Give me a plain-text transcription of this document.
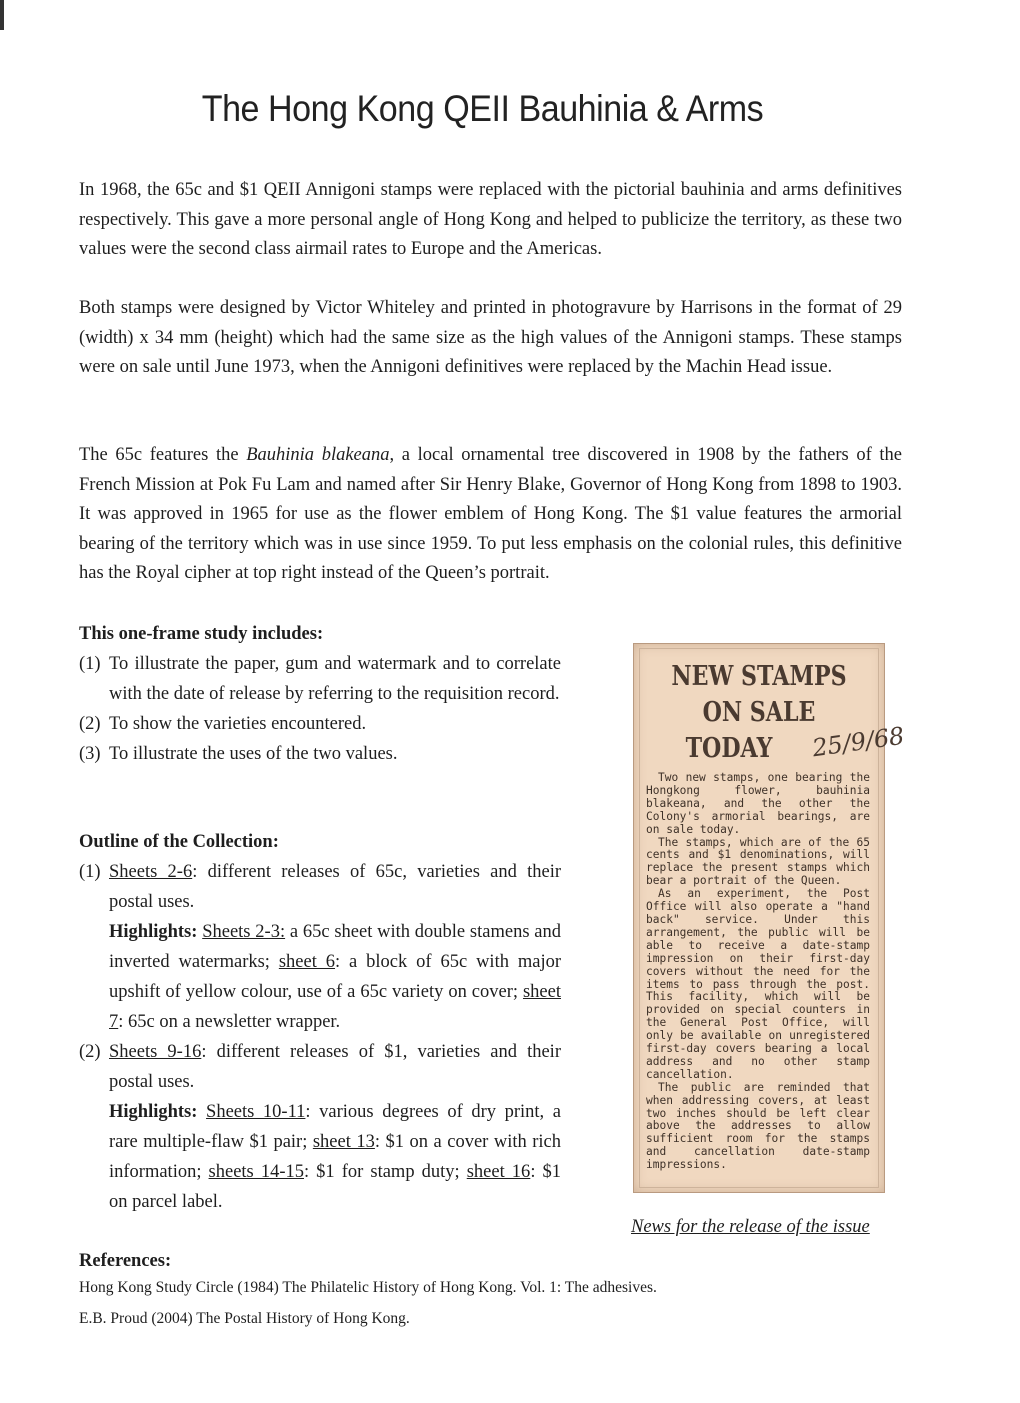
The Hong Kong QEII Bauhinia & Arms

In 1968, the 65c and $1 QEII Annigoni stamps were replaced with the pictorial bauhinia and arms definitives respectively. This gave a more personal angle of Hong Kong and helped to publicize the territory, as these two values were the second class airmail rates to Europe and the Americas.

Both stamps were designed by Victor Whiteley and printed in photogravure by Harrisons in the format of 29 (width) x 34 mm (height) which had the same size as the high values of the Annigoni stamps. These stamps were on sale until June 1973, when the Annigoni definitives were replaced by the Machin Head issue.

The 65c features the Bauhinia blakeana, a local ornamental tree discovered in 1908 by the fathers of the French Mission at Pok Fu Lam and named after Sir Henry Blake, Governor of Hong Kong from 1898 to 1903. It was approved in 1965 for use as the flower emblem of Hong Kong. The $1 value features the armorial bearing of the territory which was in use since 1959. To put less emphasis on the colonial rules, this definitive has the Royal cipher at top right instead of the Queen’s portrait.

This one-frame study includes:
(1) To illustrate the paper, gum and watermark and to correlate with the date of release by referring to the requisition record.
(2) To show the varieties encountered.
(3) To illustrate the uses of the two values.
Outline of the Collection:
(1) Sheets 2-6: different releases of 65c, varieties and their postal uses.
Highlights: Sheets 2-3: a 65c sheet with double stamens and inverted watermarks; sheet 6: a block of 65c with major upshift of yellow colour, use of a 65c variety on cover; sheet 7: 65c on a newsletter wrapper.
(2) Sheets 9-16: different releases of $1, varieties and their postal uses.
Highlights: Sheets 10-11: various degrees of dry print, a rare multiple-flaw $1 pair; sheet 13: $1 on a cover with rich information; sheets 14-15: $1 for stamp duty; sheet 16: $1 on parcel label.
NEW STAMPS
ON SALE
TODAY	25/9/68

Two new stamps, one bearing the Hongkong flower, bauhinia blakeana, and the other the Colony's armorial bearings, are on sale today.

The stamps, which are of the 65 cents and $1 denominations, will replace the present stamps which bear a portrait of the Queen.

As an experiment, the Post Office will also operate a "hand back" service. Under this arrangement, the public will be able to receive a date-stamp impression on their first-day covers without the need for the items to pass through the post. This facility, which will be provided on special counters in the General Post Office, will only be available on unregistered first-day covers bearing a local address and no other stamp cancellation.

The public are reminded that when addressing covers, at least two inches should be left clear above the addresses to allow sufficient room for the stamps and cancellation date-stamp impressions.

News for the release of the issue
References:
Hong Kong Study Circle (1984) The Philatelic History of Hong Kong. Vol. 1: The adhesives.
E.B. Proud (2004) The Postal History of Hong Kong.
